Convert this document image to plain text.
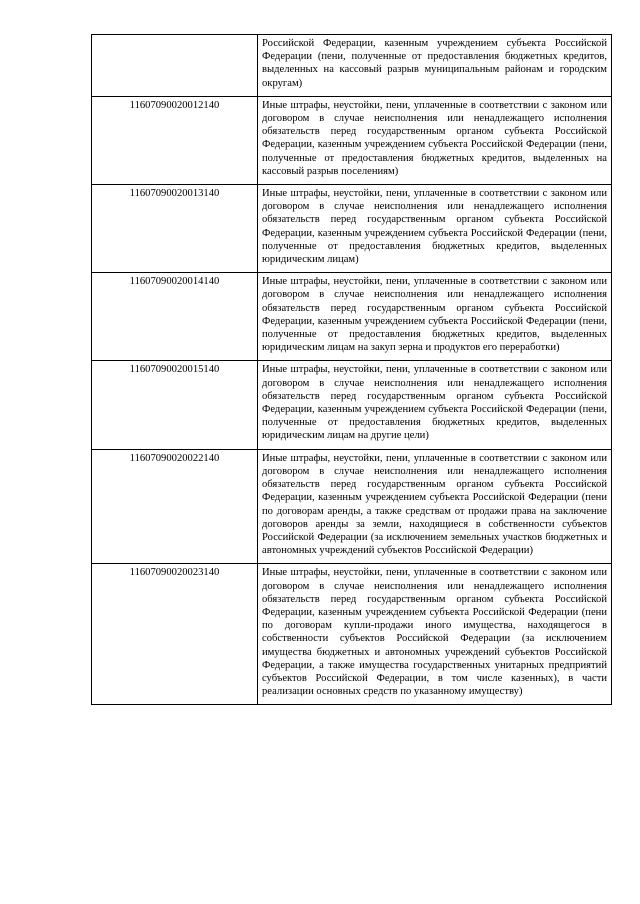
	Российской Федерации, казенным учреждением субъекта Российской Федерации (пени, полученные от предоставления бюджетных кредитов, выделенных на кассовый разрыв муниципальным районам и городским округам)
11607090020012140	Иные штрафы, неустойки, пени, уплаченные в соответствии с законом или договором в случае неисполнения или ненадлежащего исполнения обязательств перед государственным органом субъекта Российской Федерации, казенным учреждением субъекта Российской Федерации (пени, полученные от предоставления бюджетных кредитов, выделенных на кассовый разрыв поселениям)
11607090020013140	Иные штрафы, неустойки, пени, уплаченные в соответствии с законом или договором в случае неисполнения или ненадлежащего исполнения обязательств перед государственным органом субъекта Российской Федерации, казенным учреждением субъекта Российской Федерации (пени, полученные от предоставления бюджетных кредитов, выделенных юридическим лицам)
11607090020014140	Иные штрафы, неустойки, пени, уплаченные в соответствии с законом или договором в случае неисполнения или ненадлежащего исполнения обязательств перед государственным органом субъекта Российской Федерации, казенным учреждением субъекта Российской Федерации (пени, полученные от предоставления бюджетных кредитов, выделенных юридическим лицам на закуп зерна и продуктов его переработки)
11607090020015140	Иные штрафы, неустойки, пени, уплаченные в соответствии с законом или договором в случае неисполнения или ненадлежащего исполнения обязательств перед государственным органом субъекта Российской Федерации, казенным учреждением субъекта Российской Федерации (пени, полученные от предоставления бюджетных кредитов, выделенных юридическим лицам на другие цели)
11607090020022140	Иные штрафы, неустойки, пени, уплаченные в соответствии с законом или договором в случае неисполнения или ненадлежащего исполнения обязательств перед государственным органом субъекта Российской Федерации, казенным учреждением субъекта Российской Федерации (пени по договорам аренды, а также средствам от продажи права на заключение договоров аренды за земли, находящиеся в собственности субъектов Российской Федерации (за исключением земельных участков бюджетных и автономных учреждений субъектов Российской Федерации)
11607090020023140	Иные штрафы, неустойки, пени, уплаченные в соответствии с законом или договором в случае неисполнения или ненадлежащего исполнения обязательств перед государственным органом субъекта Российской Федерации, казенным учреждением субъекта Российской Федерации (пени по договорам купли-продажи иного имущества, находящегося в собственности субъектов Российской Федерации (за исключением имущества бюджетных и автономных учреждений субъектов Российской Федерации, а также имущества государственных унитарных предприятий субъектов Российской Федерации, в том числе казенных), в части реализации основных средств по указанному имуществу)
